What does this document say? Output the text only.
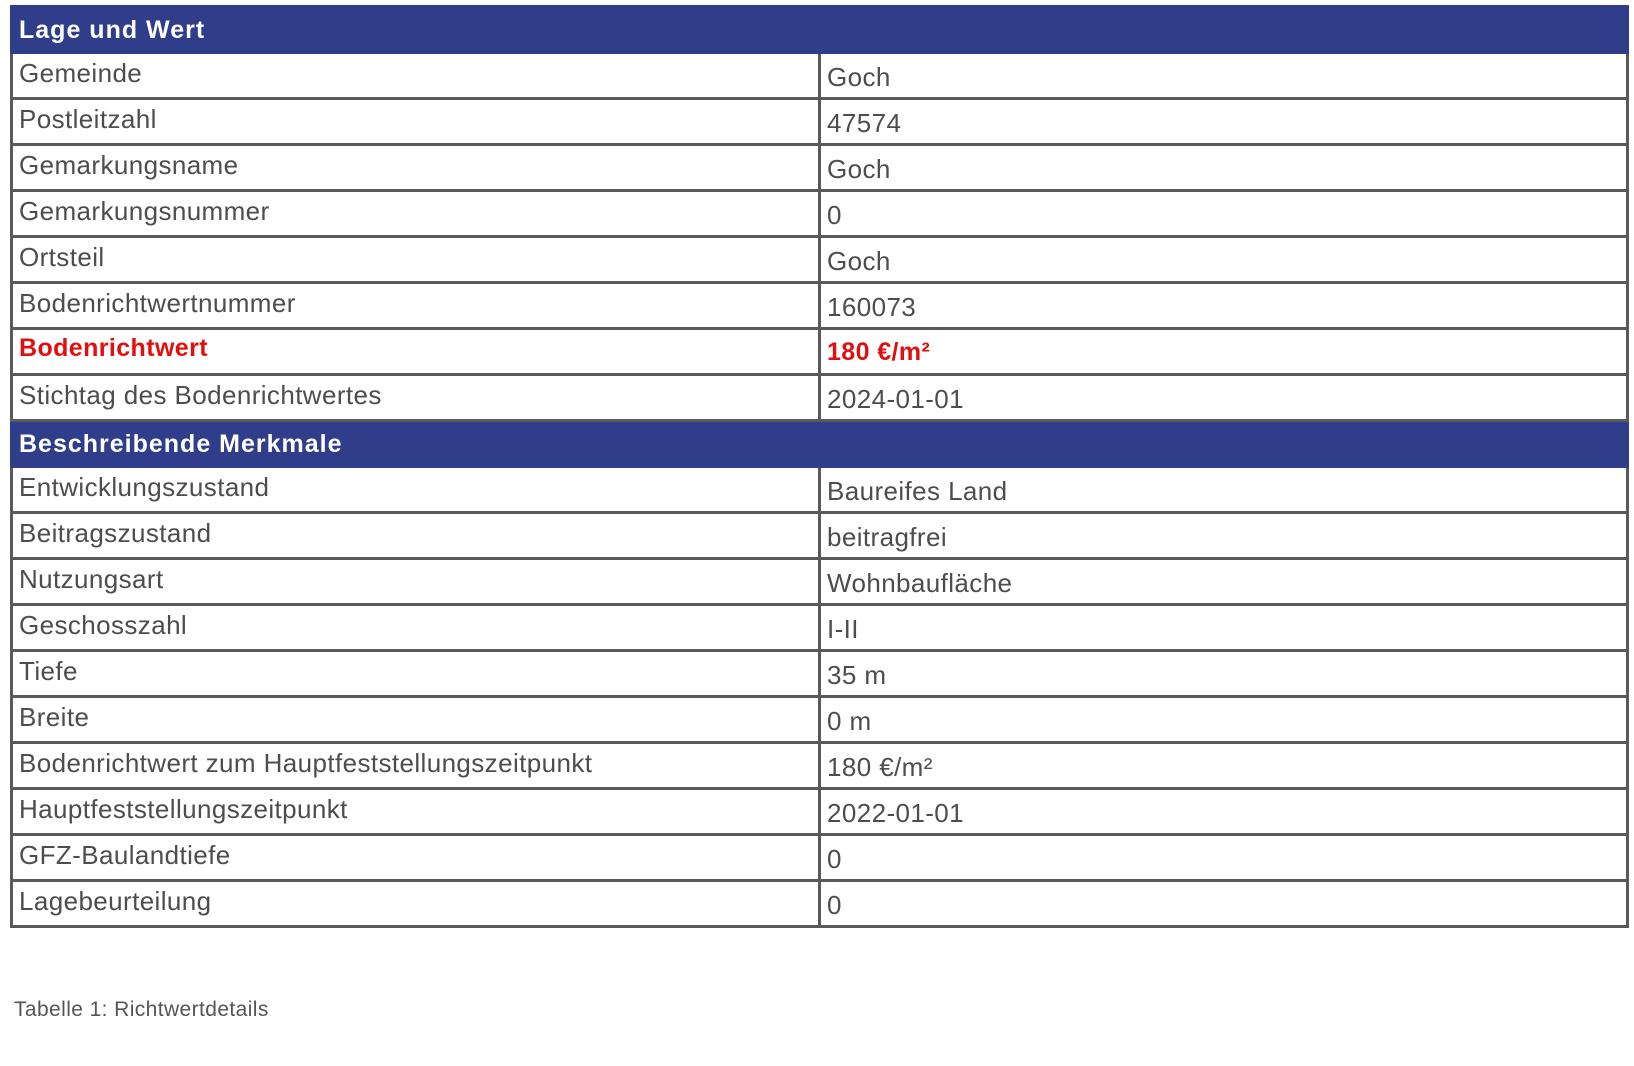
Lage und Wert	
Gemeinde	Goch
Postleitzahl	47574
Gemarkungsname	Goch
Gemarkungsnummer	0
Ortsteil	Goch
Bodenrichtwertnummer	160073
Bodenrichtwert	180 €/m²
Stichtag des Bodenrichtwertes	2024-01-01
Beschreibende Merkmale	
Entwicklungszustand	Baureifes Land
Beitragszustand	beitragfrei
Nutzungsart	Wohnbaufläche
Geschosszahl	I-II
Tiefe	35 m
Breite	0 m
Bodenrichtwert zum Hauptfeststellungszeitpunkt	180 €/m²
Hauptfeststellungszeitpunkt	2022-01-01
GFZ-Baulandtiefe	0
Lagebeurteilung	0
Tabelle 1: Richtwertdetails
